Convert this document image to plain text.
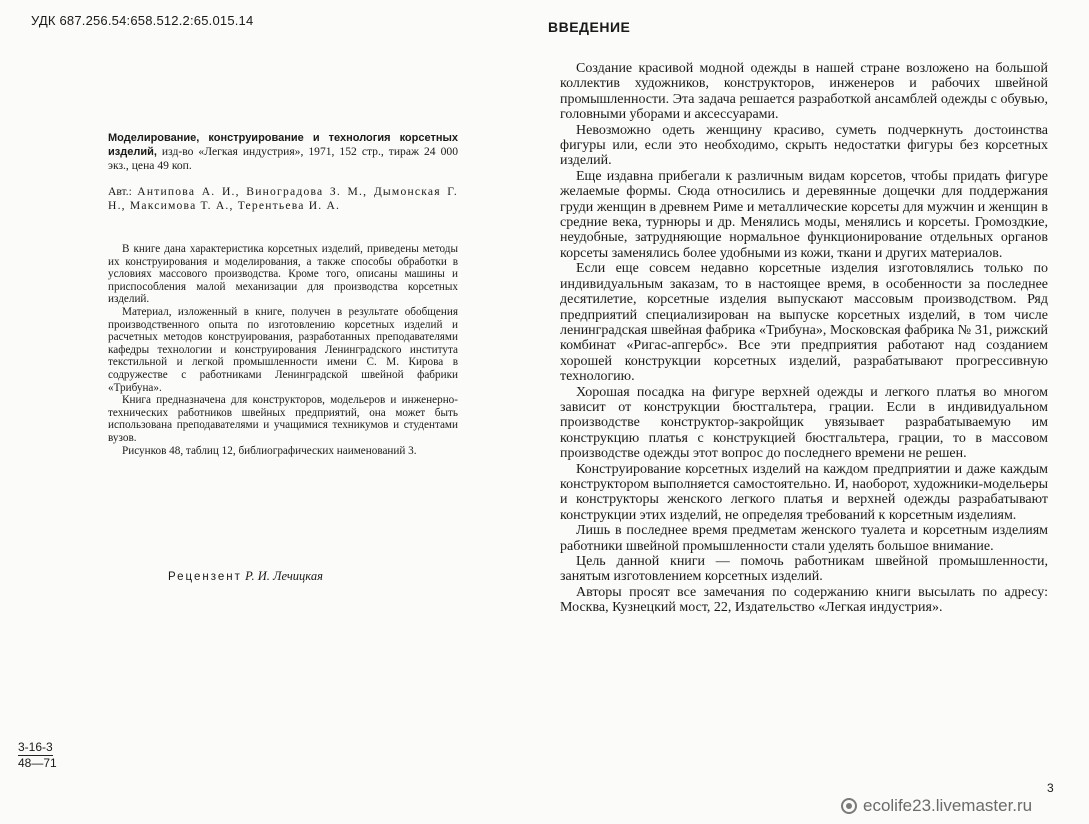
УДК 687.256.54:658.512.2:65.015.14
Моделирование, конструирование и технология корсетных изделий, изд-во «Легкая индустрия», 1971, 152 стр., тираж 24 000 экз., цена 49 коп.
Авт.: Антипова А. И., Виноградова З. М., Дымонская Г. Н., Максимова Т. А., Терентьева И. А.

В книге дана характеристика корсетных изделий, приведены методы их конструирования и моделирования, а также способы обработки в условиях массового производства. Кроме того, описаны машины и приспособления малой механизации для производства корсетных изделий.

Материал, изложенный в книге, получен в результате обобщения производственного опыта по изготовлению корсетных изделий и расчетных методов конструирования, разработанных преподавателями кафедры технологии и конструирования Ленинградского института текстильной и легкой промышленности имени С. М. Кирова в содружестве с работниками Ленинградской швейной фабрики «Трибуна».

Книга предназначена для конструкторов, модельеров и инженерно-технических работников швейных предприятий, она может быть использована преподавателями и учащимися техникумов и студентами вузов.

Рисунков 48, таблиц 12, библиографических наименований 3.

Рецензент Р. И. Лечицкая
$\frac{3-16-3}{48—71}$
ВВЕДЕНИЕ

Создание красивой модной одежды в нашей стране возложено на большой коллектив художников, конструкторов, инженеров и рабочих швейной промышленности. Эта задача решается разработкой ансамблей одежды с обувью, головными уборами и аксессуарами.

Невозможно одеть женщину красиво, суметь подчеркнуть достоинства фигуры или, если это необходимо, скрыть недостатки фигуры без корсетных изделий.

Еще издавна прибегали к различным видам корсетов, чтобы придать фигуре желаемые формы. Сюда относились и деревянные дощечки для поддержания груди женщин в древнем Риме и металлические корсеты для мужчин и женщин в средние века, турнюры и др. Менялись моды, менялись и корсеты. Громоздкие, неудобные, затрудняющие нормальное функционирование отдельных органов корсеты заменялись более удобными из кожи, ткани и других материалов.

Если еще совсем недавно корсетные изделия изготовлялись только по индивидуальным заказам, то в настоящее время, в особенности за последнее десятилетие, корсетные изделия выпускают массовым производством. Ряд предприятий специализирован на выпуске корсетных изделий, в том числе ленинградская швейная фабрика «Трибуна», Московская фабрика № 31, рижский комбинат «Ригас-апгербс». Все эти предприятия работают над созданием хорошей конструкции корсетных изделий, разрабатывают прогрессивную технологию.

Хорошая посадка на фигуре верхней одежды и легкого платья во многом зависит от конструкции бюстгальтера, грации. Если в индивидуальном производстве конструктор-закройщик увязывает разрабатываемую им конструкцию платья с конструкцией бюстгальтера, грации, то в массовом производстве одежды этот вопрос до последнего времени не решен.

Конструирование корсетных изделий на каждом предприятии и даже каждым конструктором выполняется самостоятельно. И, наоборот, художники-модельеры и конструкторы женского легкого платья и верхней одежды разрабатывают конструкции этих изделий, не определяя требований к корсетным изделиям.

Лишь в последнее время предметам женского туалета и корсетным изделиям работники швейной промышленности стали уделять большое внимание.

Цель данной книги — помочь работникам швейной промышленности, занятым изготовлением корсетных изделий.

Авторы просят все замечания по содержанию книги высылать по адресу: Москва, Кузнецкий мост, 22, Издательство «Легкая индустрия».

3
ecolife23.livemaster.ru
